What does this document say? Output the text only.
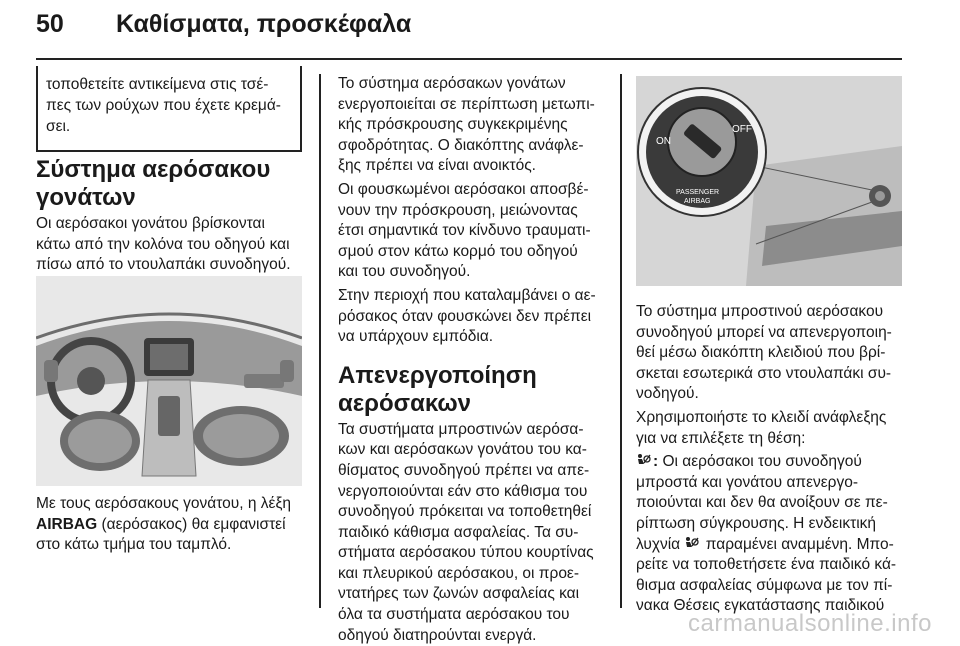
50 Καθίσματα, προσκέφαλα

τοποθετείτε αντικείμενα στις τσέ-
πες των ρούχων που έχετε κρεμά-
σει.

Σύστημα αερόσακου
γονάτων

Οι αερόσακοι γονάτου βρίσκονται
κάτω από την κολόνα του οδηγού και
πίσω από το ντουλαπάκι συνοδηγού.

Με τους αερόσακους γονάτου, η λέξη
AIRBAG (αερόσακος) θα εμφανιστεί
στο κάτω τμήμα του ταμπλό.

Το σύστημα αερόσακων γονάτων
ενεργοποιείται σε περίπτωση μετωπι-
κής πρόσκρουσης συγκεκριμένης
σφοδρότητας. Ο διακόπτης ανάφλε-
ξης πρέπει να είναι ανοικτός.

Οι φουσκωμένοι αερόσακοι αποσβέ-
νουν την πρόσκρουση, μειώνοντας
έτσι σημαντικά τον κίνδυνο τραυματι-
σμού στον κάτω κορμό του οδηγού
και του συνοδηγού.

Στην περιοχή που καταλαμβάνει ο αε-
ρόσακος όταν φουσκώνει δεν πρέπει
να υπάρχουν εμπόδια.

Απενεργοποίηση
αερόσακων

Τα συστήματα μπροστινών αερόσα-
κων και αερόσακων γονάτου του κα-
θίσματος συνοδηγού πρέπει να απε-
νεργοποιούνται εάν στο κάθισμα του
συνοδηγού πρόκειται να τοποθετηθεί
παιδικό κάθισμα ασφαλείας. Τα συ-
στήματα αερόσακου τύπου κουρτίνας
και πλευρικού αερόσακου, οι προε-
ντατήρες των ζωνών ασφαλείας και
όλα τα συστήματα αερόσακου του
οδηγού διατηρούνται ενεργά.

ON
OFF
PASSENGER
AIRBAG

Το σύστημα μπροστινού αερόσακου
συνοδηγού μπορεί να απενεργοποιη-
θεί μέσω διακόπτη κλειδιού που βρί-
σκεται εσωτερικά στο ντουλαπάκι συ-
νοδηγού.

Χρησιμοποιήστε το κλειδί ανάφλεξης
για να επιλέξετε τη θέση:

: Οι αερόσακοι του συνοδηγού
μπροστά και γονάτου απενεργο-
ποιούνται και δεν θα ανοίξουν σε πε-
ρίπτωση σύγκρουσης. Η ενδεικτική
λυχνία  παραμένει αναμμένη. Μπο-
ρείτε να τοποθετήσετε ένα παιδικό κά-
θισμα ασφαλείας σύμφωνα με τον πί-
νακα Θέσεις εγκατάστασης παιδικού

carmanualsonline.info
